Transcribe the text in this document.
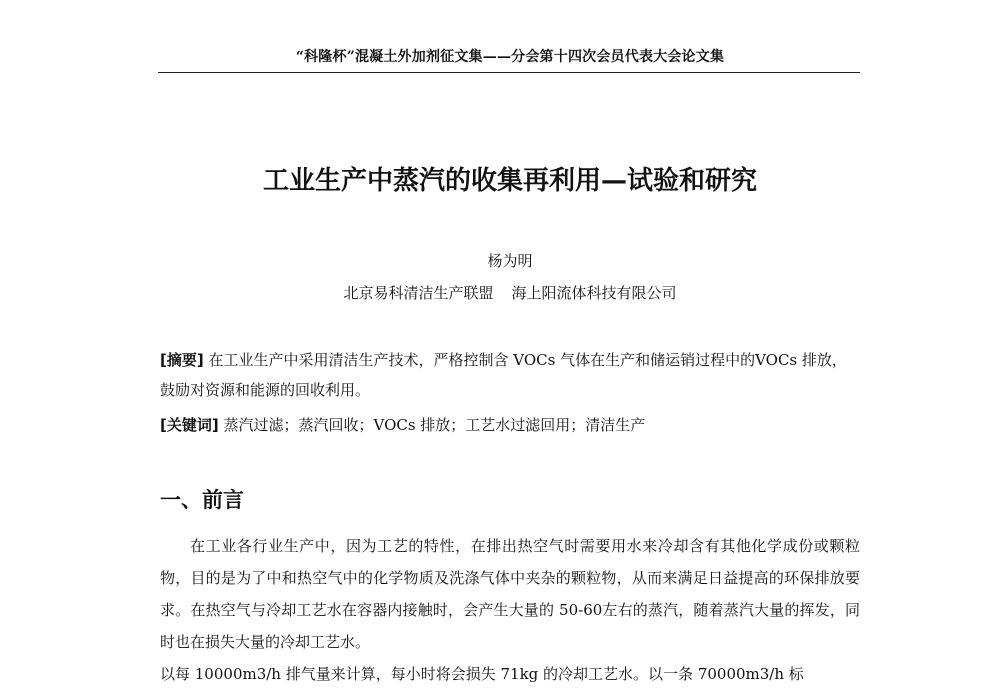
“科隆杯”混凝土外加剂征文集——分会第十四次会员代表大会论文集
工业生产中蒸汽的收集再利用—试验和研究
杨为明
北京易科清洁生产联盟 海上阳流体科技有限公司
[摘要] 在工业生产中采用清洁生产技术，严格控制含 VOCs 气体在生产和储运销过程中的VOCs 排放，鼓励对资源和能源的回收利用。
[关键词] 蒸汽过滤；蒸汽回收；VOCs 排放；工艺水过滤回用；清洁生产
一、前言

在工业各行业生产中，因为工艺的特性，在排出热空气时需要用水来冷却含有其他化学成份或颗粒物，目的是为了中和热空气中的化学物质及洗涤气体中夹杂的颗粒物，从而来满足日益提高的环保排放要求。在热空气与冷却工艺水在容器内接触时，会产生大量的 50-60左右的蒸汽，随着蒸汽大量的挥发，同时也在损失大量的冷却工艺水。

以每 10000m3/h 排气量来计算，每小时将会损失 71kg 的冷却工艺水。以一条 70000m3/h 标
